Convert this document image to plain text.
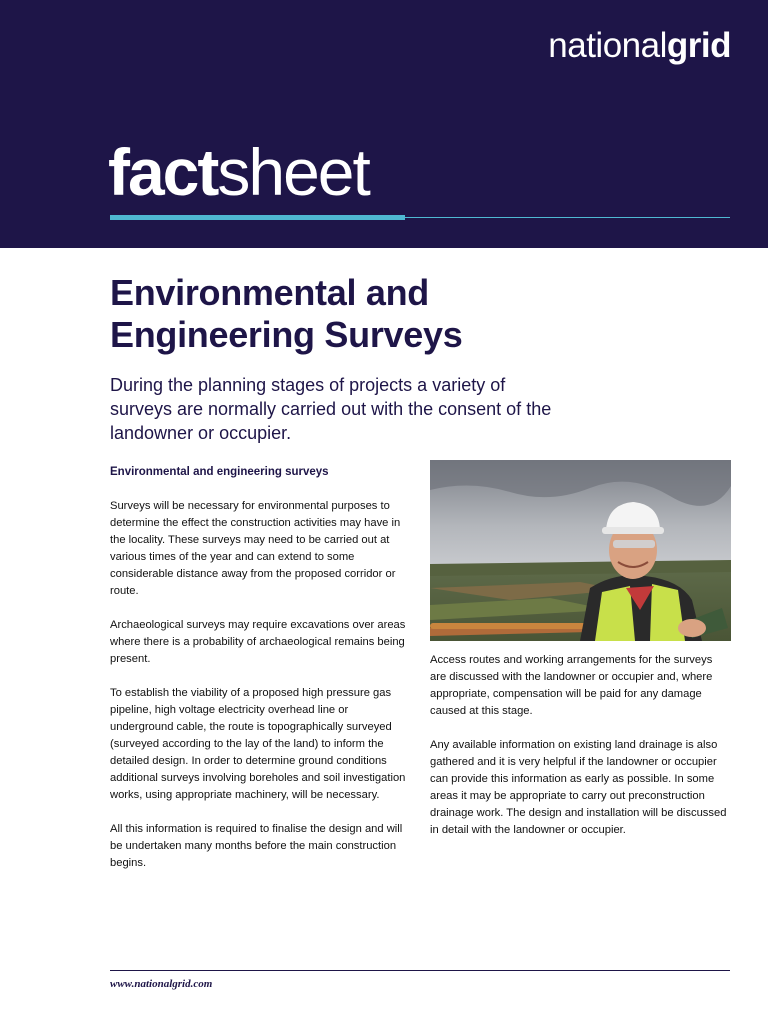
nationalgrid
factsheet
Environmental and
Engineering Surveys

During the planning stages of projects a variety of surveys are normally carried out with the consent of the landowner or occupier.

Environmental and engineering surveys

Surveys will be necessary for environmental purposes to determine the effect the construction activities may have in the locality. These surveys may need to be carried out at various times of the year and can extend to some considerable distance away from the proposed corridor or route.

Archaeological surveys may require excavations over areas where there is a probability of archaeological remains being present.

To establish the viability of a proposed high pressure gas pipeline, high voltage electricity overhead line or underground cable, the route is topographically surveyed (surveyed according to the lay of the land) to inform the detailed design. In order to determine ground conditions additional surveys involving boreholes and soil investigation works, using appropriate machinery, will be necessary.

All this information is required to finalise the design and will be undertaken many months before the main construction begins.

Access routes and working arrangements for the surveys are discussed with the landowner or occupier and, where appropriate, compensation will be paid for any damage caused at this stage.

Any available information on existing land drainage is also gathered and it is very helpful if the landowner or occupier can provide this information as early as possible. In some areas it may be appropriate to carry out preconstruction drainage work. The design and installation will be discussed in detail with the landowner or occupier.

www.nationalgrid.com
